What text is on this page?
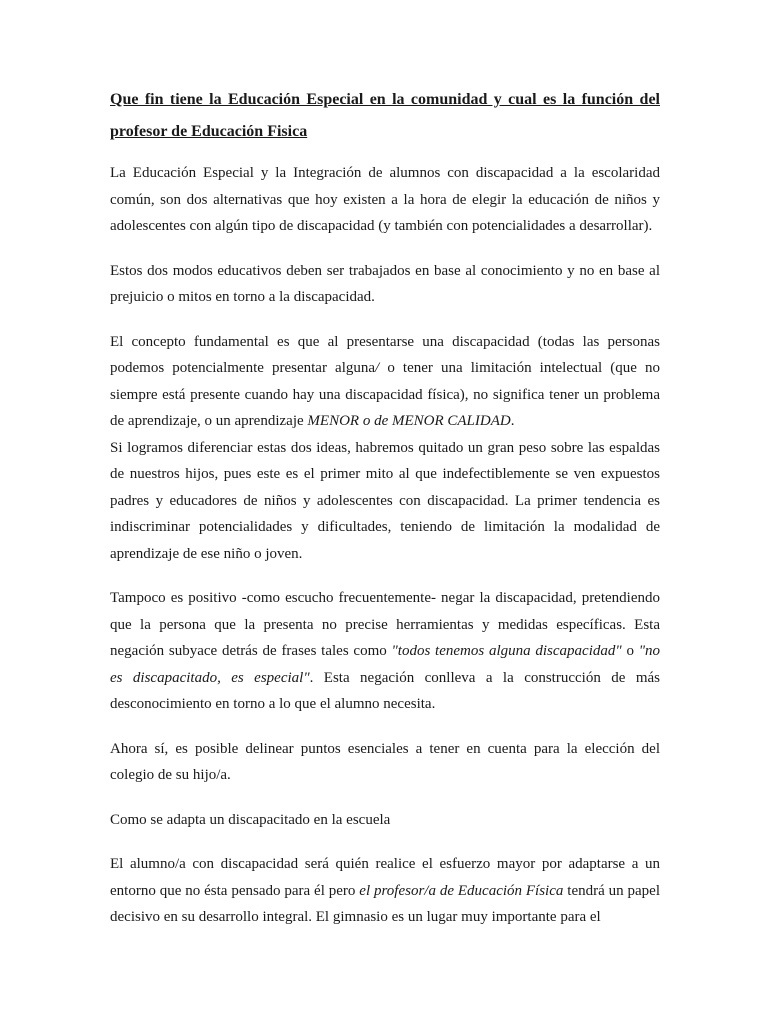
Que fin tiene la Educación Especial en la comunidad y cual es la función del profesor de Educación Fisica

La Educación Especial y la Integración de alumnos con discapacidad a la escolaridad común, son dos alternativas que hoy existen a la hora de elegir la educación de niños y adolescentes con algún tipo de discapacidad (y también con potencialidades a desarrollar).

Estos dos modos educativos deben ser trabajados en base al conocimiento y no en base al prejuicio o mitos en torno a la discapacidad.

El concepto fundamental es que al presentarse una discapacidad (todas las personas podemos potencialmente presentar alguna/ o tener una limitación intelectual (que no siempre está presente cuando hay una discapacidad física), no significa tener un problema de aprendizaje, o un aprendizaje MENOR o de MENOR CALIDAD.

Si logramos diferenciar estas dos ideas, habremos quitado un gran peso sobre las espaldas de nuestros hijos, pues este es el primer mito al que indefectiblemente se ven expuestos padres y educadores de niños y adolescentes con discapacidad. La primer tendencia es indiscriminar potencialidades y dificultades, teniendo de limitación la modalidad de aprendizaje de ese niño o joven.

Tampoco es positivo -como escucho frecuentemente- negar la discapacidad, pretendiendo que la persona que la presenta no precise herramientas y medidas específicas. Esta negación subyace detrás de frases tales como "todos tenemos alguna discapacidad" o "no es discapacitado, es especial". Esta negación conlleva a la construcción de más desconocimiento en torno a lo que el alumno necesita.

Ahora sí, es posible delinear puntos esenciales a tener en cuenta para la elección del colegio de su hijo/a.

Como se adapta un discapacitado en la escuela

El alumno/a con discapacidad será quién realice el esfuerzo mayor por adaptarse a un entorno que no ésta pensado para él pero el profesor/a de Educación Física tendrá un papel decisivo en su desarrollo integral. El gimnasio es un lugar muy importante para el
